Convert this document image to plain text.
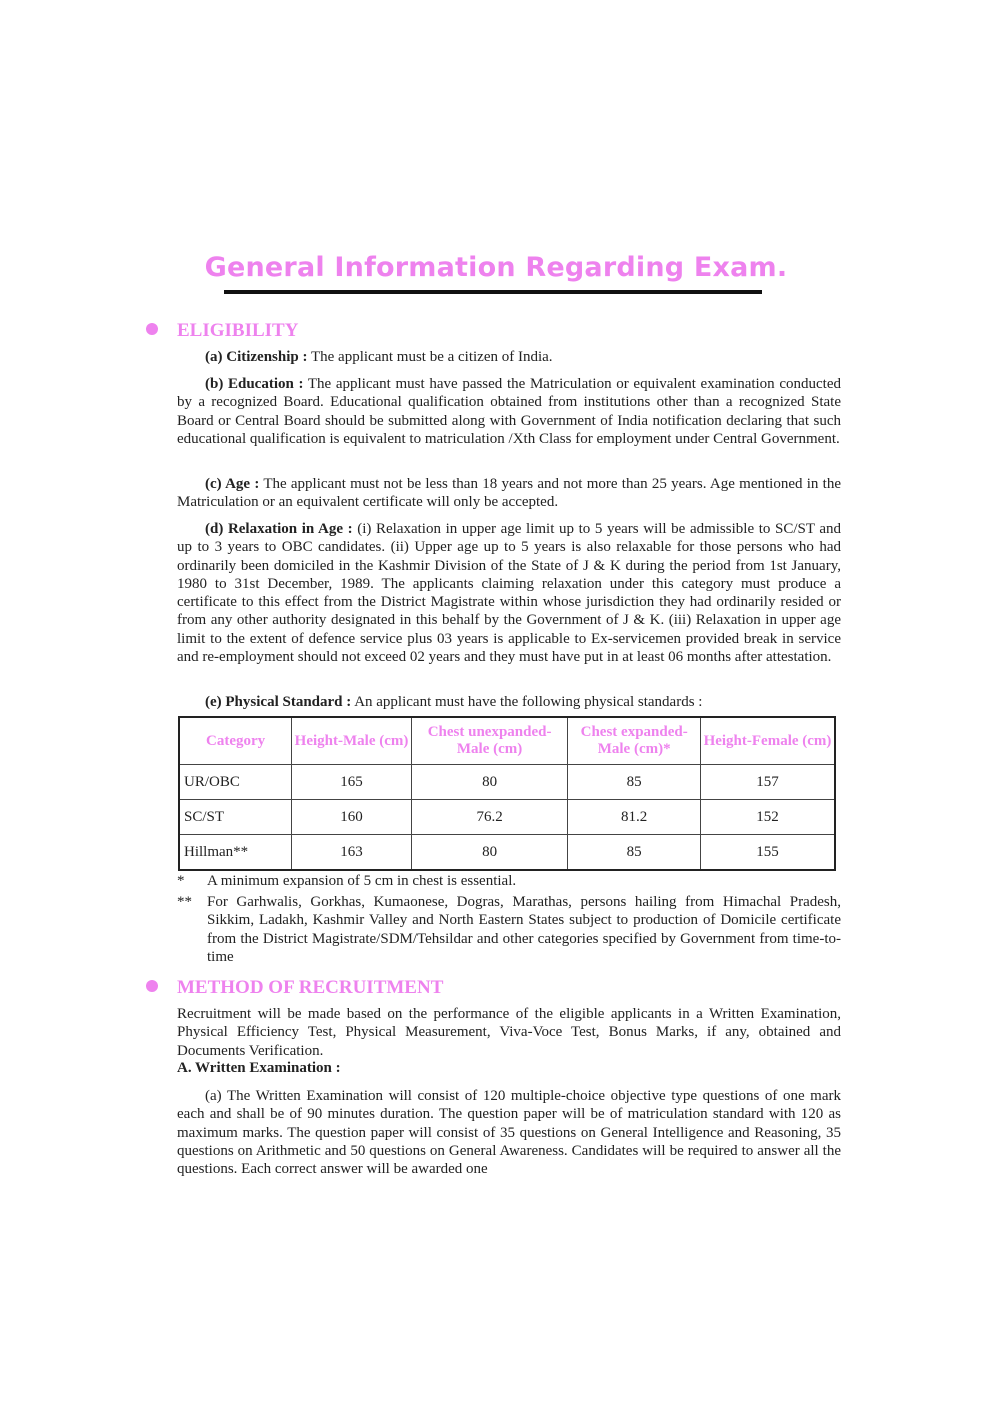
General Information Regarding Exam.
ELIGIBILITY
(a) Citizenship : The applicant must be a citizen of India.
(b) Education : The applicant must have passed the Matriculation or equivalent examination conducted by a recognized Board. Educational qualification obtained from institutions other than a recognized State Board or Central Board should be submitted along with Government of India notification declaring that such educational qualification is equivalent to matriculation /Xth Class for employment under Central Government.
(c) Age : The applicant must not be less than 18 years and not more than 25 years. Age mentioned in the Matriculation or an equivalent certificate will only be accepted.
(d) Relaxation in Age : (i) Relaxation in upper age limit up to 5 years will be admissible to SC/ST and up to 3 years to OBC candidates. (ii) Upper age up to 5 years is also relaxable for those persons who had ordinarily been domiciled in the Kashmir Division of the State of J & K during the period from 1st January, 1980 to 31st December, 1989. The applicants claiming relaxation under this category must produce a certificate to this effect from the District Magistrate within whose jurisdiction they had ordinarily resided or from any other authority designated in this behalf by the Government of J & K. (iii) Relaxation in upper age limit to the extent of defence service plus 03 years is applicable to Ex-servicemen provided break in service and re-employment should not exceed 02 years and they must have put in at least 06 months after attestation.
(e) Physical Standard : An applicant must have the following physical standards :
Category	Height-Male (cm)	Chest unexpanded- Male (cm)	Chest expanded- Male (cm)*	Height-Female (cm)
UR/OBC	165	80	85	157
SC/ST	160	76.2	81.2	152
Hillman**	163	80	85	155
* A minimum expansion of 5 cm in chest is essential.
** For Garhwalis, Gorkhas, Kumaonese, Dogras, Marathas, persons hailing from Himachal Pradesh, Sikkim, Ladakh, Kashmir Valley and North Eastern States subject to production of Domicile certificate from the District Magistrate/SDM/Tehsildar and other categories specified by Government from time-to-time
METHOD OF RECRUITMENT
Recruitment will be made based on the performance of the eligible applicants in a Written Examination, Physical Efficiency Test, Physical Measurement, Viva-Voce Test, Bonus Marks, if any, obtained and Documents Verification.
A. Written Examination :
(a) The Written Examination will consist of 120 multiple-choice objective type questions of one mark each and shall be of 90 minutes duration. The question paper will be of matriculation standard with 120 as maximum marks. The question paper will consist of 35 questions on General Intelligence and Reasoning, 35 questions on Arithmetic and 50 questions on General Awareness. Candidates will be required to answer all the questions. Each correct answer will be awarded one
